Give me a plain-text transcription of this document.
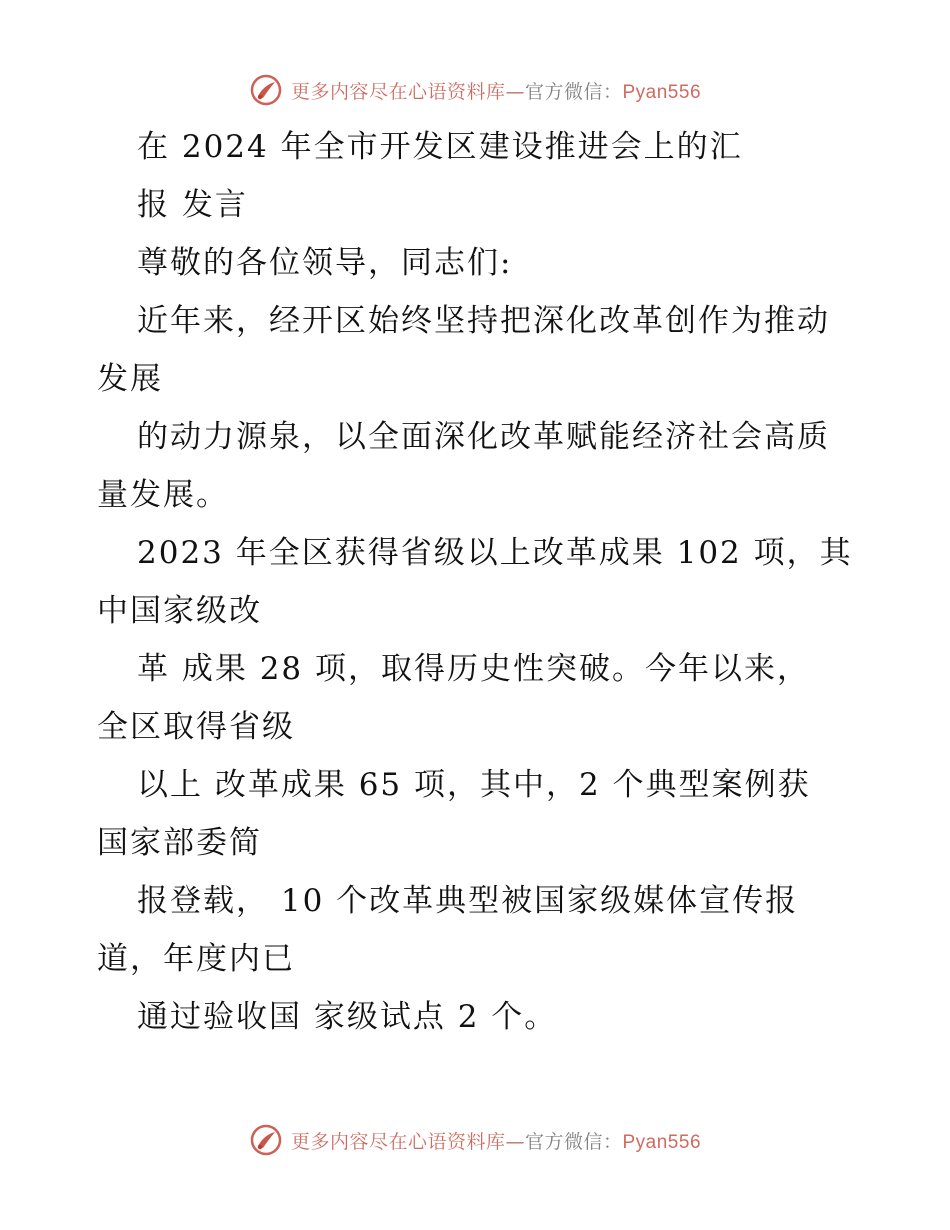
更多内容尽在心语资料库—官方微信：Pyan556
在 2024 年全市开发区建设推进会上的汇
报 发言
尊敬的各位领导，同志们:
近年来，经开区始终坚持把深化改革创作为推动
发展
的动力源泉，以全面深化改革赋能经济社会高质
量发展。
2023 年全区获得省级以上改革成果 102 项，其
中国家级改
革 成果 28 项，取得历史性突破。今年以来，
全区取得省级
以上 改革成果 65 项，其中，2 个典型案例获
国家部委简
报登载， 10 个改革典型被国家级媒体宣传报
道，年度内已
通过验收国 家级试点 2 个。
更多内容尽在心语资料库—官方微信：Pyan556
